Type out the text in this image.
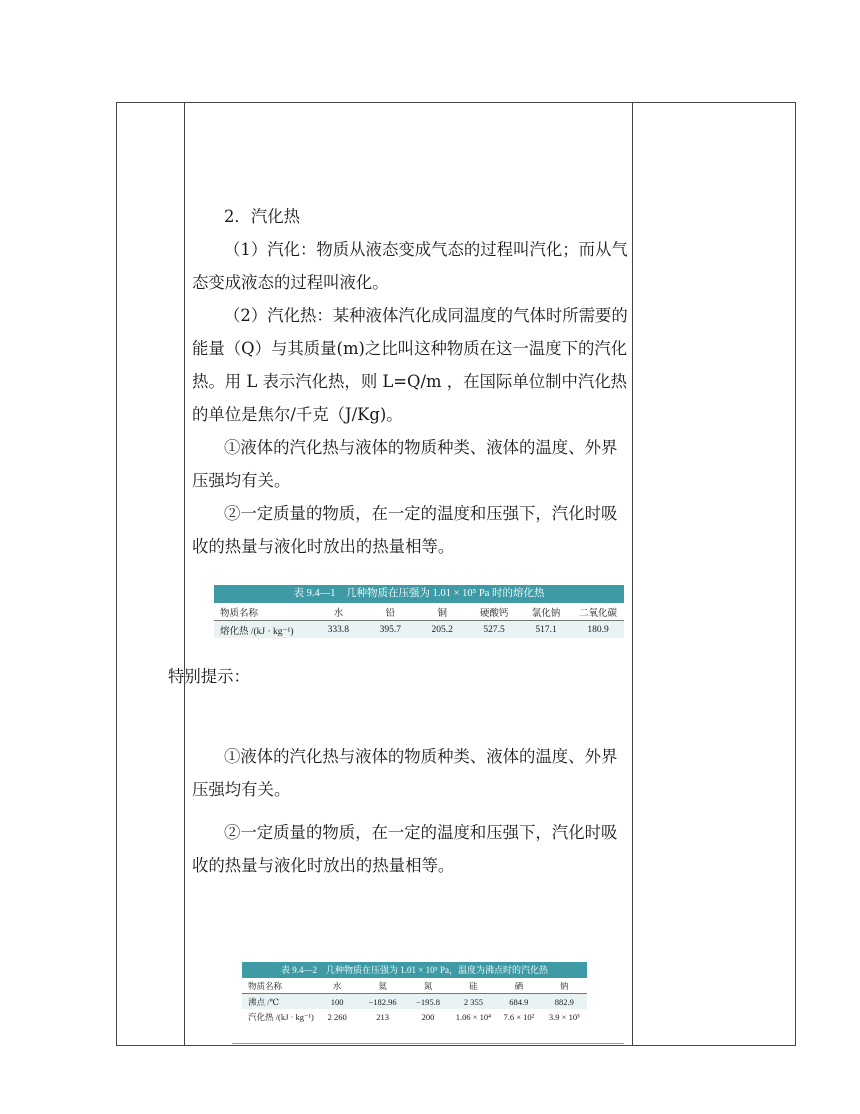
2．汽化热

（1）汽化：物质从液态变成气态的过程叫汽化；而从气态变成液态的过程叫液化。

（2）汽化热：某种液体汽化成同温度的气体时所需要的能量（Q）与其质量(m)之比叫这种物质在这一温度下的汽化热。用 L 表示汽化热，则 L=Q/m ，在国际单位制中汽化热的单位是焦尔/千克（J/Kg)。

①液体的汽化热与液体的物质种类、液体的温度、外界压强均有关。

②一定质量的物质，在一定的温度和压强下，汽化时吸收的热量与液化时放出的热量相等。

表 9.4—1　几种物质在压强为 1.01 × 10⁵ Pa 时的熔化热
物质名称	水	铅	铜	硬酸钙	氯化钠	二氧化碳
熔化热 /(kJ · kg⁻¹)	333.8	395.7	205.2	527.5	517.1	180.9

特别提示：

①液体的汽化热与液体的物质种类、液体的温度、外界压强均有关。

②一定质量的物质，在一定的温度和压强下，汽化时吸收的热量与液化时放出的热量相等。

表 9.4—2　几种物质在压强为 1.01 × 10⁵ Pa，温度为沸点时的汽化热
物质名称	水	氦	氮	硅	硒	钠
沸点 /℃	100	−182.96	−195.8	2 355	684.9	882.9
汽化热 /(kJ · kg⁻¹)	2 260	213	200	1.06 × 10⁴	7.6 × 10²	3.9 × 10³
